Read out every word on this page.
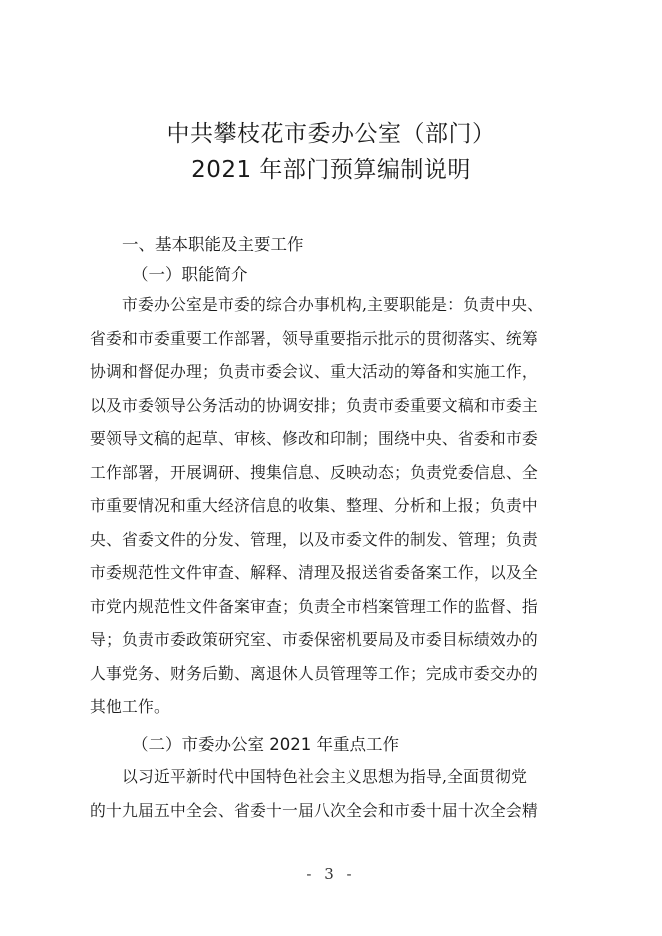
中共攀枝花市委办公室（部门）
2021 年部门预算编制说明
一、基本职能及主要工作
（一）职能简介
市委办公室是市委的综合办事机构,主要职能是：负责中央、
省委和市委重要工作部署，领导重要指示批示的贯彻落实、统筹
协调和督促办理；负责市委会议、重大活动的筹备和实施工作，
以及市委领导公务活动的协调安排；负责市委重要文稿和市委主
要领导文稿的起草、审核、修改和印制；围绕中央、省委和市委
工作部署，开展调研、搜集信息、反映动态；负责党委信息、全
市重要情况和重大经济信息的收集、整理、分析和上报；负责中
央、省委文件的分发、管理，以及市委文件的制发、管理；负责
市委规范性文件审查、解释、清理及报送省委备案工作，以及全
市党内规范性文件备案审查；负责全市档案管理工作的监督、指
导；负责市委政策研究室、市委保密机要局及市委目标绩效办的
人事党务、财务后勤、离退休人员管理等工作；完成市委交办的
其他工作。
（二）市委办公室 2021 年重点工作
以习近平新时代中国特色社会主义思想为指导,全面贯彻党
的十九届五中全会、省委十一届八次全会和市委十届十次全会精
- 3 -
